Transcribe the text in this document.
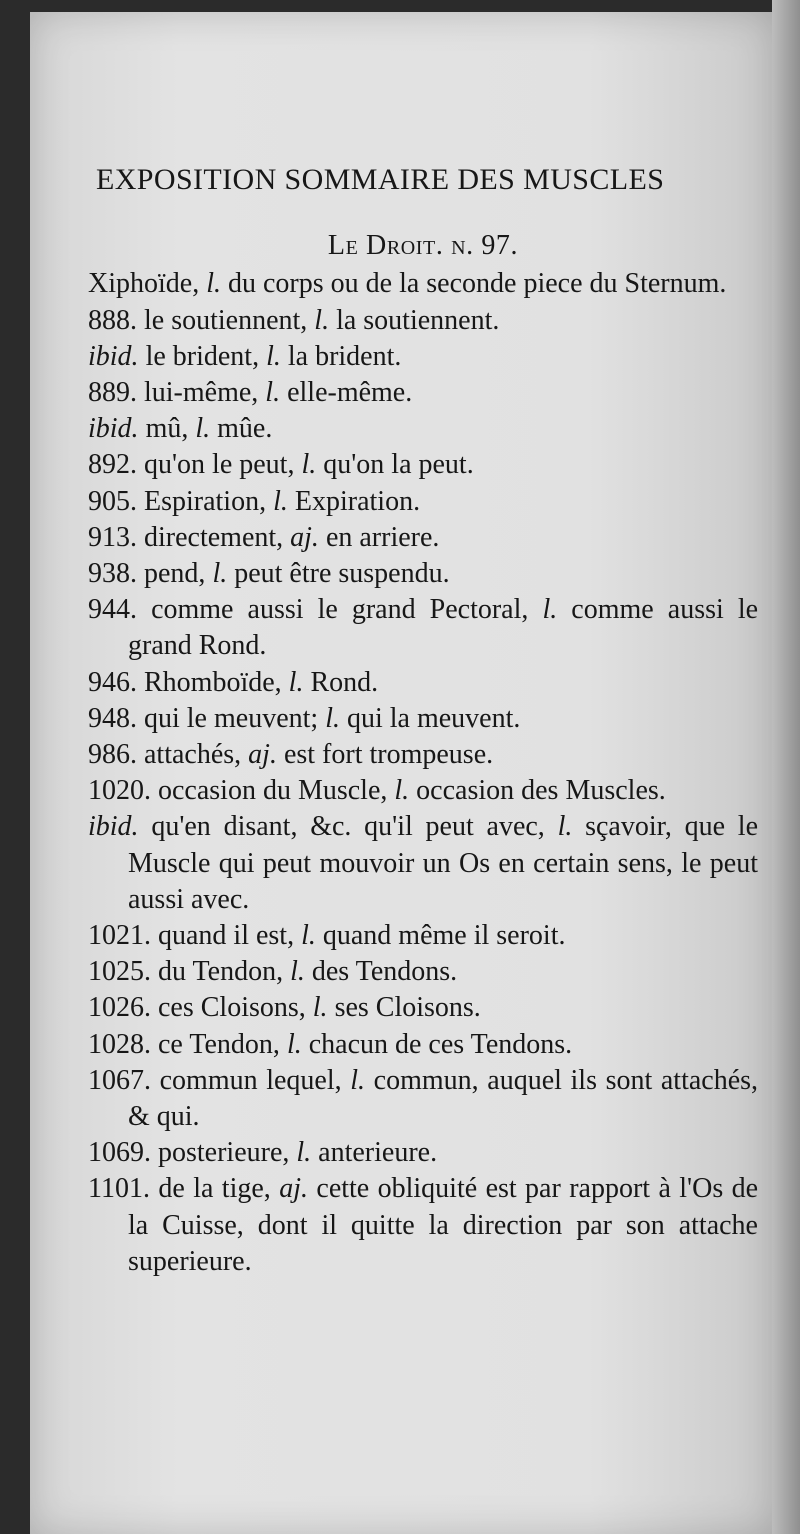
EXPOSITION SOMMAIRE DES MUSCLES
Le Droit. n. 97.

Xiphoïde, l. du corps ou de la seconde piece du Sternum.

888. le soutiennent, l. la soutiennent.

ibid. le brident, l. la brident.

889. lui-même, l. elle-même.

ibid. mû, l. mûe.

892. qu'on le peut, l. qu'on la peut.

905. Espiration, l. Expiration.

913. directement, aj. en arriere.

938. pend, l. peut être suspendu.

944. comme aussi le grand Pectoral, l. comme aussi le grand Rond.

946. Rhomboïde, l. Rond.

948. qui le meuvent; l. qui la meuvent.

986. attachés, aj. est fort trompeuse.

1020. occasion du Muscle, l. occasion des Muscles.

ibid. qu'en disant, &c. qu'il peut avec, l. sçavoir, que le Muscle qui peut mouvoir un Os en certain sens, le peut aussi avec.

1021. quand il est, l. quand même il seroit.

1025. du Tendon, l. des Tendons.

1026. ces Cloisons, l. ses Cloisons.

1028. ce Tendon, l. chacun de ces Tendons.

1067. commun lequel, l. commun, auquel ils sont attachés, & qui.

1069. posterieure, l. anterieure.

1101. de la tige, aj. cette obliquité est par rapport à l'Os de la Cuisse, dont il quitte la direction par son attache superieure.
